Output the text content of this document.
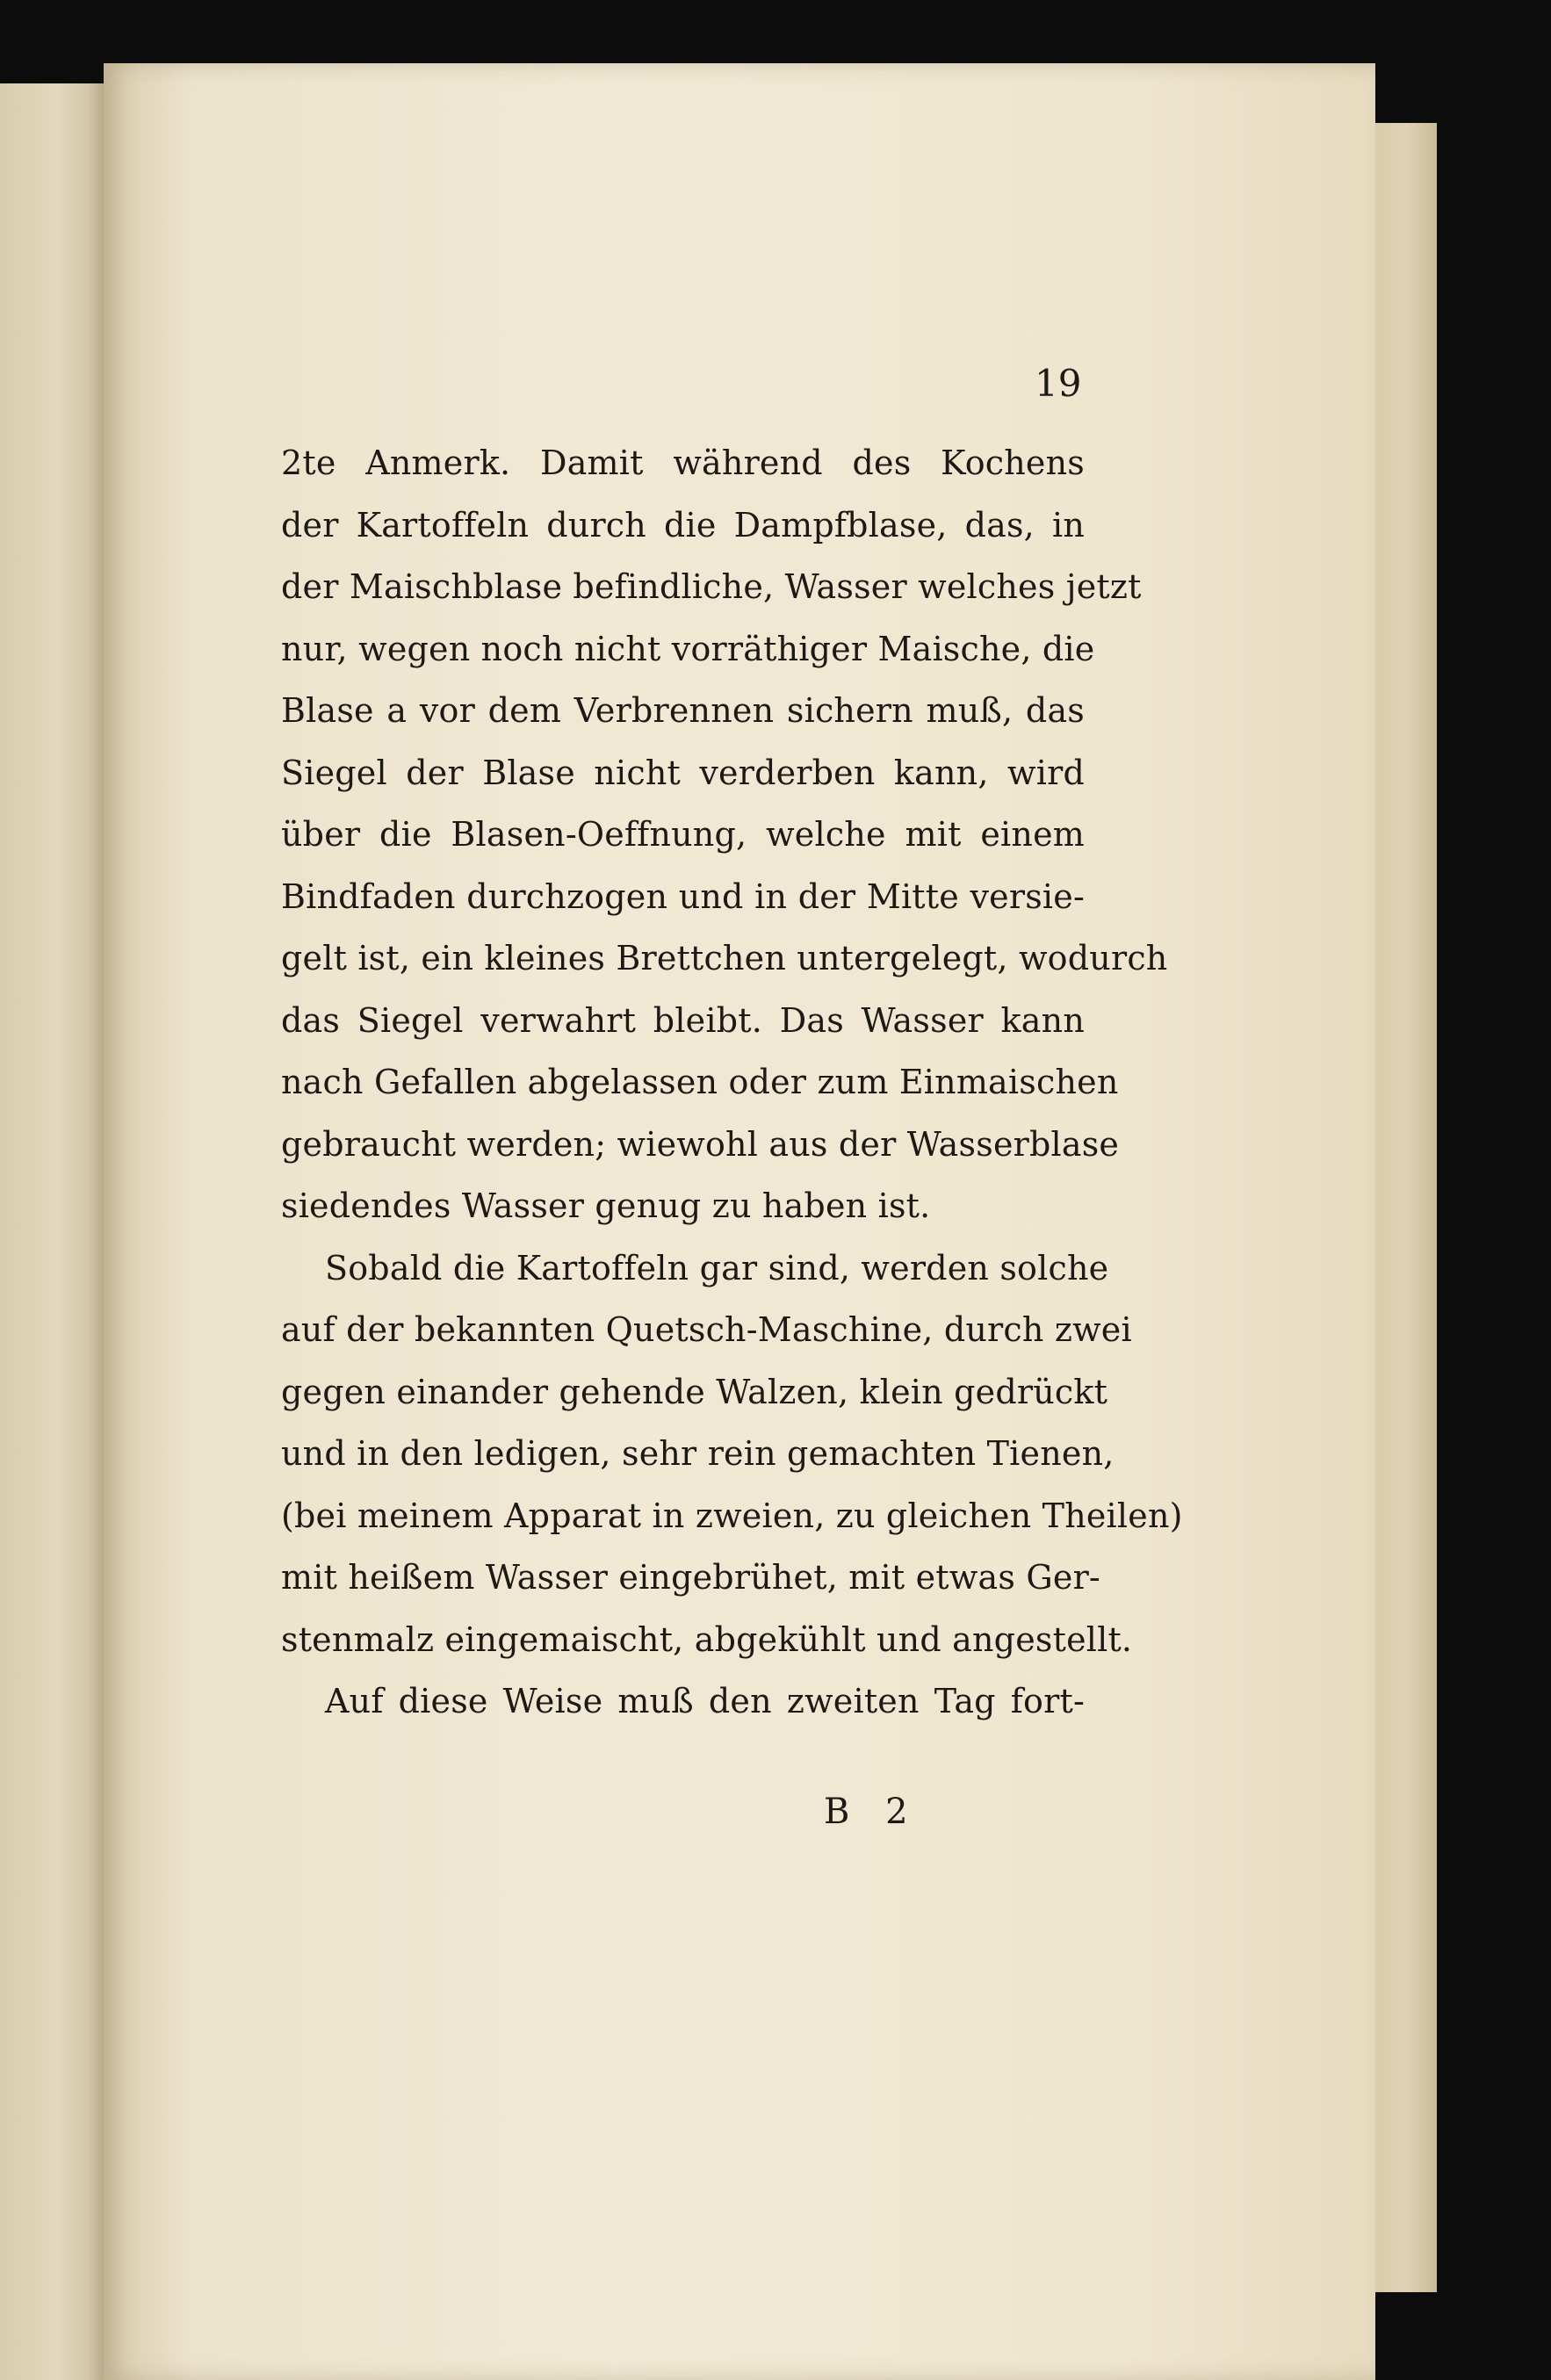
19
2te Anmerk. Damit während des Kochens
der Kartoffeln durch die Dampfblase, das, in
der Maischblase befindliche, Wasser welches jetzt
nur, wegen noch nicht vorräthiger Maische, die
Blase a vor dem Verbrennen sichern muß, das
Siegel der Blase nicht verderben kann, wird
über die Blasen-Oeffnung, welche mit einem
Bindfaden durchzogen und in der Mitte versie-
gelt ist, ein kleines Brettchen untergelegt, wodurch
das Siegel verwahrt bleibt. Das Wasser kann
nach Gefallen abgelassen oder zum Einmaischen
gebraucht werden; wiewohl aus der Wasserblase
siedendes Wasser genug zu haben ist.
Sobald die Kartoffeln gar sind, werden solche
auf der bekannten Quetsch-Maschine, durch zwei
gegen einander gehende Walzen, klein gedrückt
und in den ledigen, sehr rein gemachten Tienen,
(bei meinem Apparat in zweien, zu gleichen Theilen)
mit heißem Wasser eingebrühet, mit etwas Ger-
stenmalz eingemaischt, abgekühlt und angestellt.
Auf diese Weise muß den zweiten Tag fort-
B 2
